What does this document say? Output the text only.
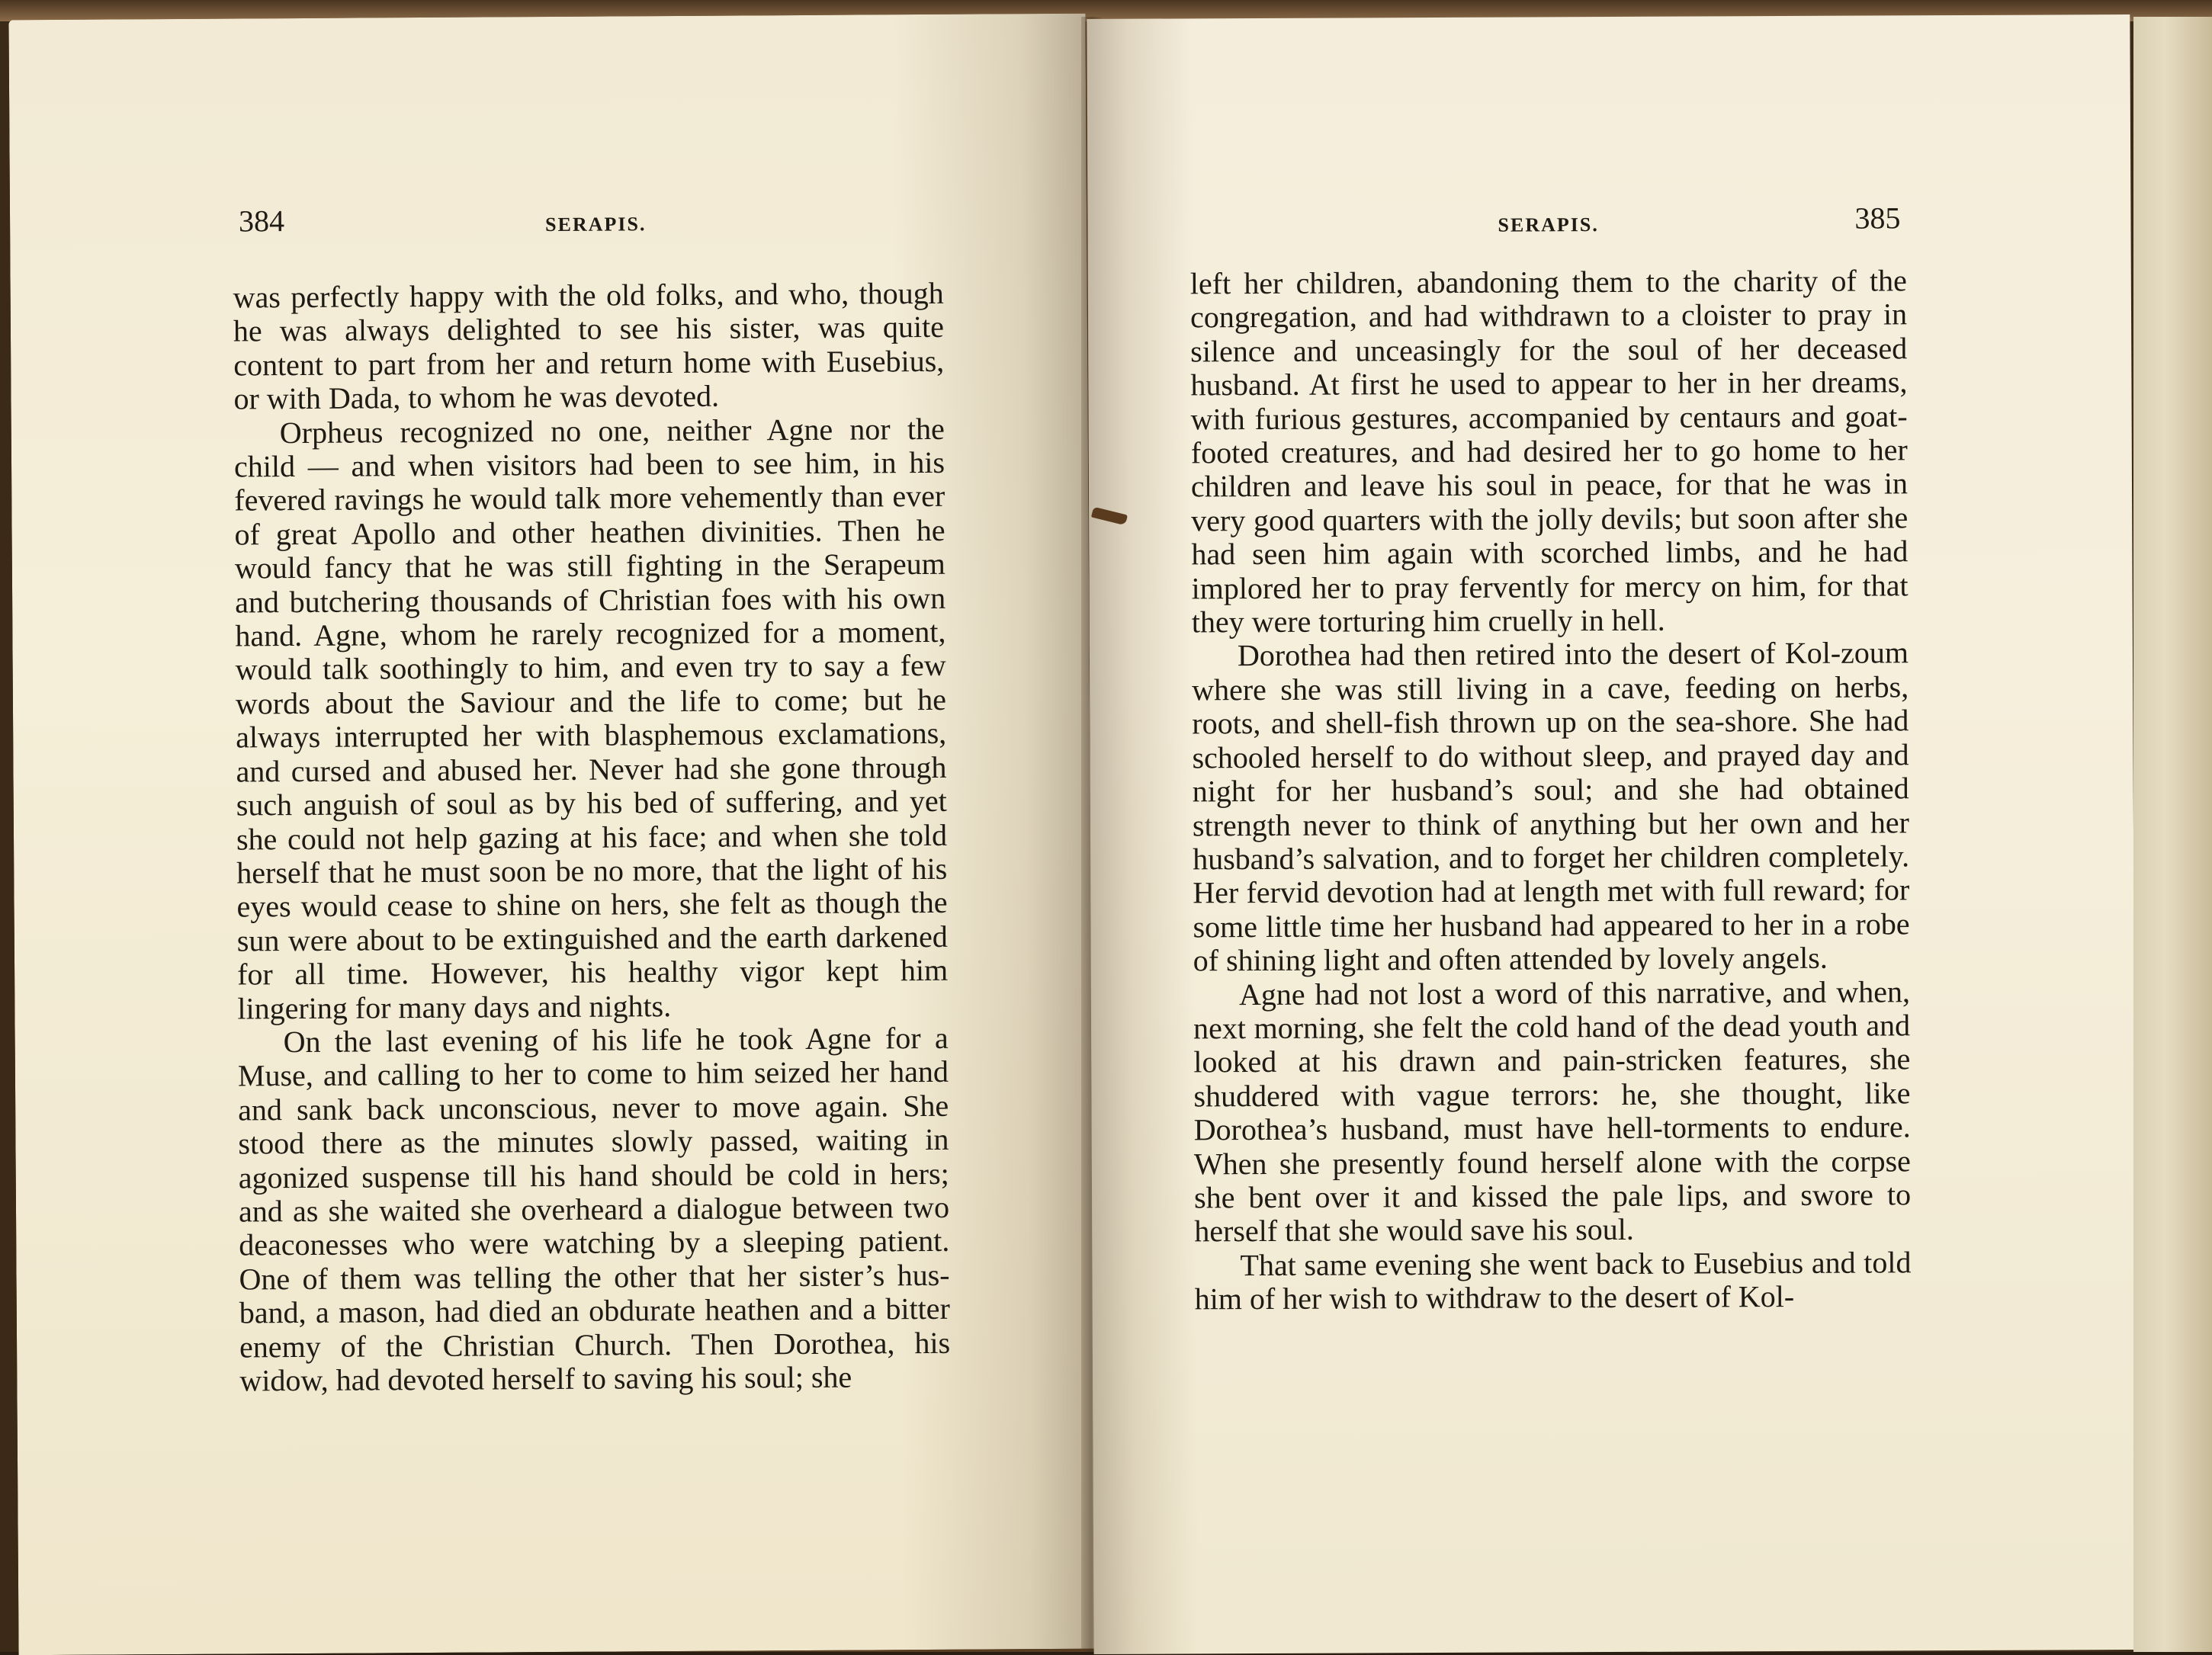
384	SERAPIS.

was perfectly happy with the old folks, and who, though he was always delighted to see his sister, was quite content to part from her and return home with Eusebius, or with Dada, to whom he was devoted.

Orpheus recognized no one, neither Agne nor the child — and when visitors had been to see him, in his fevered ravings he would talk more vehemently than ever of great Apollo and other heathen divinities. Then he would fancy that he was still fighting in the Serapeum and butchering thousands of Christian foes with his own hand. Agne, whom he rarely recognized for a moment, would talk soothingly to him, and even try to say a few words about the Saviour and the life to come; but he always interrupted her with blasphemous exclamations, and cursed and abused her. Never had she gone through such anguish of soul as by his bed of suffering, and yet she could not help gazing at his face; and when she told herself that he must soon be no more, that the light of his eyes would cease to shine on hers, she felt as though the sun were about to be extinguished and the earth darkened for all time. However, his healthy vigor kept him lingering for many days and nights.

On the last evening of his life he took Agne for a Muse, and calling to her to come to him seized her hand and sank back unconscious, never to move again. She stood there as the minutes slowly passed, waiting in agonized suspense till his hand should be cold in hers; and as she waited she overheard a dialogue between two deaconesses who were watching by a sleeping patient. One of them was telling the other that her sister’s hus-band, a mason, had died an obdurate heathen and a bitter enemy of the Christian Church. Then Dorothea, his widow, had devoted herself to saving his soul; she

SERAPIS.	385

left her children, abandoning them to the charity of the congregation, and had withdrawn to a cloister to pray in silence and unceasingly for the soul of her deceased husband. At first he used to appear to her in her dreams, with furious gestures, accompanied by centaurs and goat-footed creatures, and had desired her to go home to her children and leave his soul in peace, for that he was in very good quarters with the jolly devils; but soon after she had seen him again with scorched limbs, and he had implored her to pray fervently for mercy on him, for that they were torturing him cruelly in hell.

Dorothea had then retired into the desert of Kol-zoum where she was still living in a cave, feeding on herbs, roots, and shell-fish thrown up on the sea-shore. She had schooled herself to do without sleep, and prayed day and night for her husband’s soul; and she had obtained strength never to think of anything but her own and her husband’s salvation, and to forget her children completely. Her fervid devotion had at length met with full reward; for some little time her husband had appeared to her in a robe of shining light and often attended by lovely angels.

Agne had not lost a word of this narrative, and when, next morning, she felt the cold hand of the dead youth and looked at his drawn and pain-stricken features, she shuddered with vague terrors: he, she thought, like Dorothea’s husband, must have hell-torments to endure. When she presently found herself alone with the corpse she bent over it and kissed the pale lips, and swore to herself that she would save his soul.

That same evening she went back to Eusebius and told him of her wish to withdraw to the desert of Kol-
